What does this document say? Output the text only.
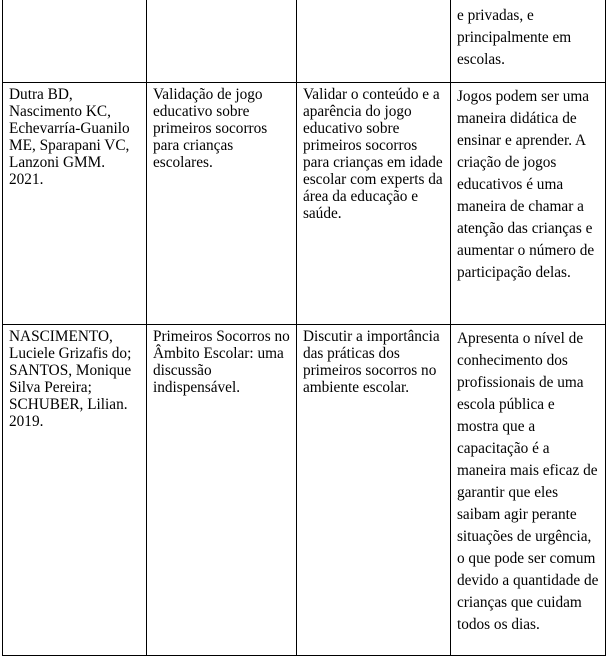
			e privadas, e principalmente em escolas.
Dutra BD, Nascimento KC, Echevarría-Guanilo ME, Sparapani VC, Lanzoni GMM. 2021.	Validação de jogo educativo sobre primeiros socorros para crianças escolares.	Validar o conteúdo e a aparência do jogo educativo sobre primeiros socorros para crianças em idade escolar com experts da área da educação e saúde.	Jogos podem ser uma maneira didática de ensinar e aprender. A criação de jogos educativos é uma maneira de chamar a atenção das crianças e aumentar o número de participação delas.
NASCIMENTO, Luciele Grizafis do; SANTOS, Monique Silva Pereira; SCHUBER, Lilian. 2019.	Primeiros Socorros no Âmbito Escolar: uma discussão indispensável.	Discutir a importância das práticas dos primeiros socorros no ambiente escolar.	Apresenta o nível de conhecimento dos profissionais de uma escola pública e mostra que a capacitação é a maneira mais eficaz de garantir que eles saibam agir perante situações de urgência, o que pode ser comum devido a quantidade de crianças que cuidam todos os dias.
